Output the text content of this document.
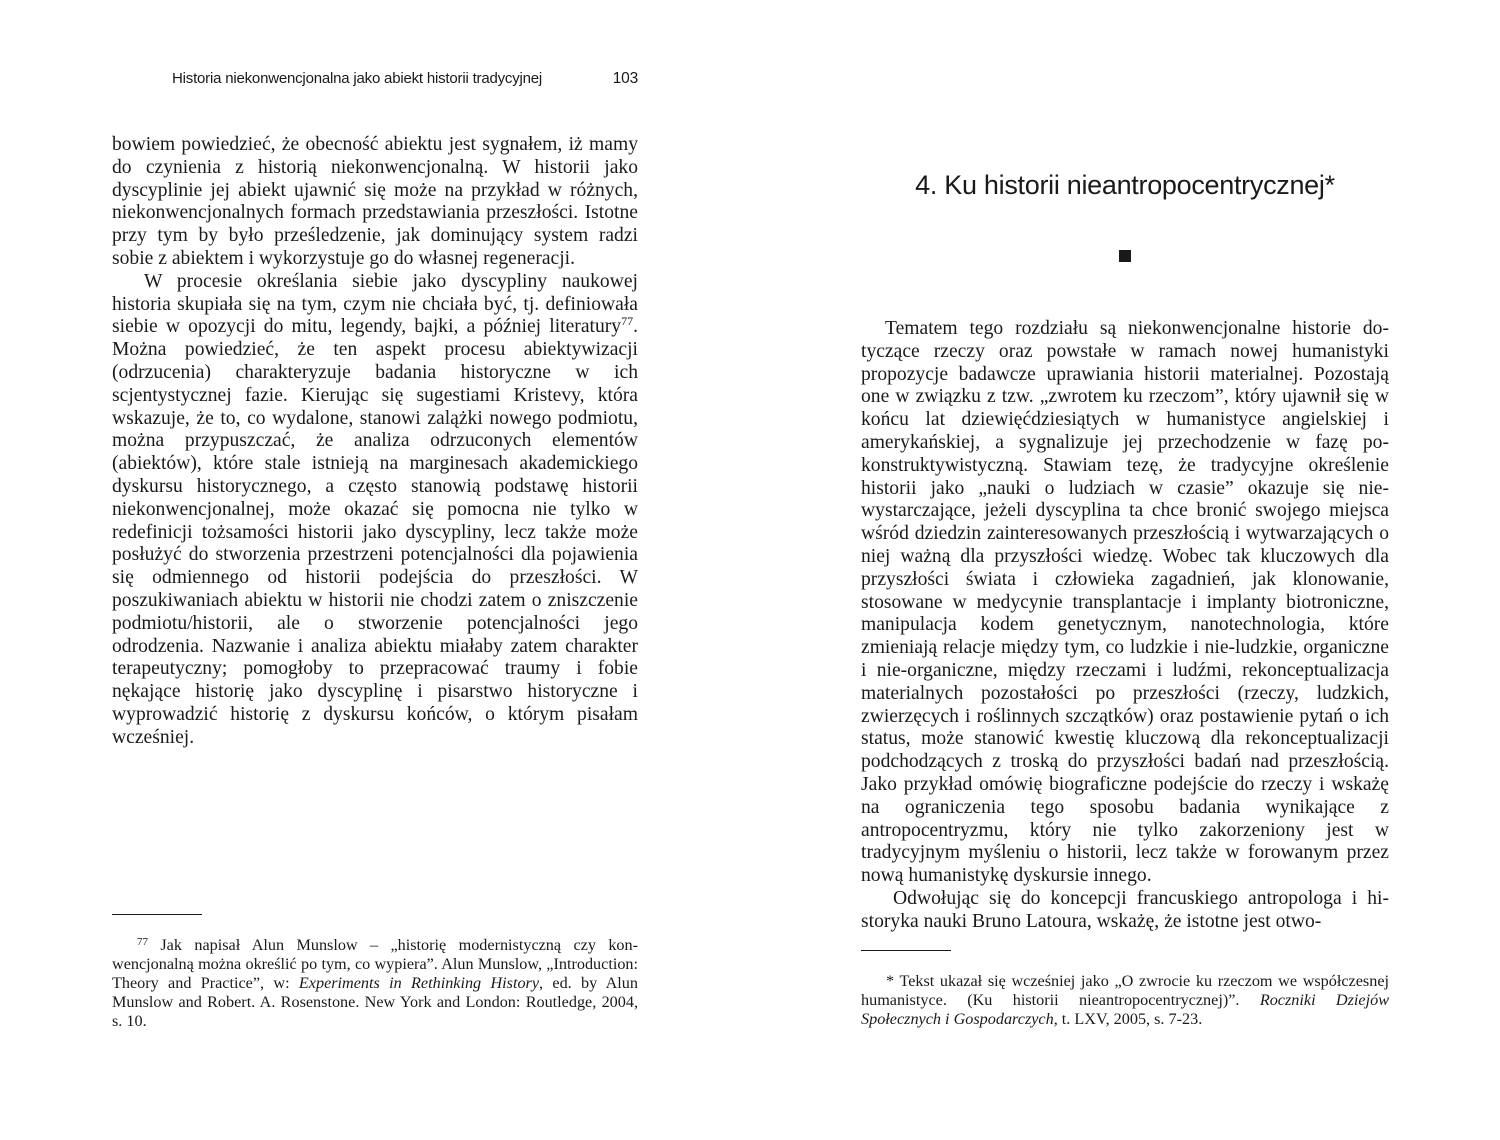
Historia niekonwencjonalna jako abiekt historii tradycyjnej	103

bowiem powiedzieć, że obecność abiektu jest sygnałem, iż mamy do czynienia z historią niekonwencjonalną. W historii jako dyscyplinie jej abiekt ujawnić się może na przykład w różnych, niekonwencjonalnych formach przedstawiania przeszłości. Istotne przy tym by było prześledzenie, jak dominujący system radzi sobie z abiektem i wykorzystuje go do własnej regeneracji.

W procesie określania siebie jako dyscypliny naukowej historia skupiała się na tym, czym nie chciała być, tj. definiowała siebie w opozycji do mitu, legendy, bajki, a później literatury$^{77}$. Można powiedzieć, że ten aspekt procesu abiektywizacji (odrzucenia) charakteryzuje badania historyczne w ich scjentystycznej fazie. Kierując się sugestiami Kristevy, która wskazuje, że to, co wydalone, stanowi zalążki nowego podmiotu, można przypuszczać, że analiza odrzuconych elementów (abiektów), które stale istnieją na marginesach akademickiego dyskursu historycznego, a często stanowią podstawę historii niekonwencjonalnej, może okazać się pomocna nie tylko w redefinicji tożsamości historii jako dyscypliny, lecz także może posłużyć do stworzenia przestrzeni potencjalności dla pojawienia się odmiennego od historii podejścia do przeszłości. W poszukiwaniach abiektu w historii nie chodzi zatem o zniszczenie podmiotu/historii, ale o stworzenie potencjalności jego odrodzenia. Nazwanie i analiza abiektu miałaby zatem charakter terapeutyczny; pomogłoby to przepracować traumy i fobie nękające historię jako dyscyplinę i pisarstwo historyczne i wyprowadzić historię z dyskursu końców, o którym pisałam wcześniej.

$^{77}$ Jak napisał Alun Munslow – „historię modernistyczną czy konwencjonalną można określić po tym, co wypiera”. Alun Munslow, „Introduction: Theory and Practice”, w: Experiments in Rethinking History, ed. by Alun Munslow and Robert. A. Rosenstone. New York and London: Routledge, 2004, s. 10.

4. Ku historii nieantropocentrycznej*

Tematem tego rozdziału są niekonwencjonalne historie dotyczące rzeczy oraz powstałe w ramach nowej humanistyki propozycje badawcze uprawiania historii materialnej. Pozostają one w związku z tzw. „zwrotem ku rzeczom”, który ujawnił się w końcu lat dziewięćdziesiątych w humanistyce angielskiej i amerykańskiej, a sygnalizuje jej przechodzenie w fazę po-konstruktywistyczną. Stawiam tezę, że tradycyjne określenie historii jako „nauki o ludziach w czasie” okazuje się niewystarczające, jeżeli dyscyplina ta chce bronić swojego miejsca wśród dziedzin zainteresowanych przeszłością i wytwarzających o niej ważną dla przyszłości wiedzę. Wobec tak kluczowych dla przyszłości świata i człowieka zagadnień, jak klonowanie, stosowane w medycynie transplantacje i implanty biotroniczne, manipulacja kodem genetycznym, nanotechnologia, które zmieniają relacje między tym, co ludzkie i nie-ludzkie, organiczne i nie-organiczne, między rzeczami i ludźmi, rekonceptualizacja materialnych pozostałości po przeszłości (rzeczy, ludzkich, zwierzęcych i roślinnych szczątków) oraz postawienie pytań o ich status, może stanowić kwestię kluczową dla rekonceptualizacji podchodzących z troską do przyszłości badań nad przeszłością. Jako przykład omówię biograficzne podejście do rzeczy i wskażę na ograniczenia tego sposobu badania wynikające z antropocentryzmu, który nie tylko zakorzeniony jest w tradycyjnym myśleniu o historii, lecz także w forowanym przez nową humanistykę dyskursie innego.

Odwołując się do koncepcji francuskiego antropologa i historyka nauki Bruno Latoura, wskażę, że istotne jest otwo-

* Tekst ukazał się wcześniej jako „O zwrocie ku rzeczom we współczesnej humanistyce. (Ku historii nieantropocentrycznej)”. Roczniki Dziejów Społecznych i Gospodarczych, t. LXV, 2005, s. 7-23.
